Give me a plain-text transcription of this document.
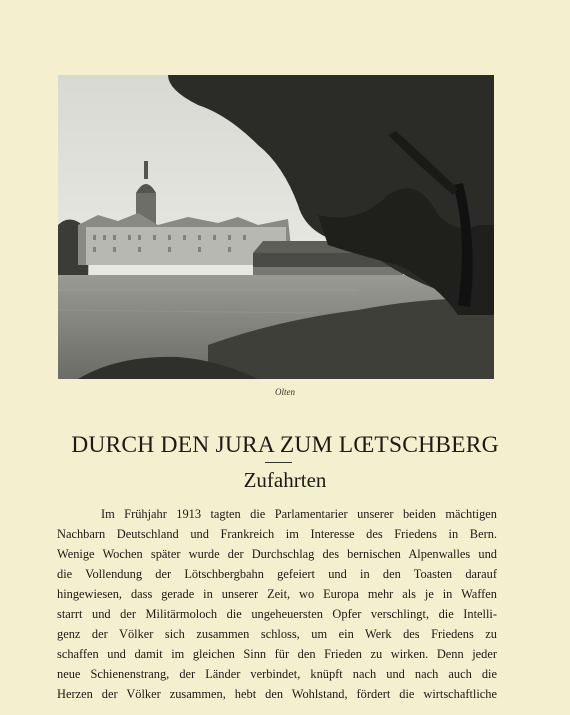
Olten
DURCH DEN JURA ZUM LŒTSCHBERG
Zufahrten

Im Frühjahr 1913 tagten die Parlamentarier unserer beiden mächtigen
Nachbarn Deutschland und Frankreich im Interesse des Friedens in Bern.
Wenige Wochen später wurde der Durchschlag des bernischen Alpenwalles und
die Vollendung der Lötschbergbahn gefeiert und in den Toasten darauf
hingewiesen, dass gerade in unserer Zeit, wo Europa mehr als je in Waffen
starrt und der Militärmoloch die ungeheuersten Opfer verschlingt, die Intelli-
genz der Völker sich zusammen schloss, um ein Werk des Friedens zu
schaffen und damit im gleichen Sinn für den Frieden zu wirken. Denn jeder
neue Schienenstrang, der Länder verbindet, knüpft nach und nach auch die
Herzen der Völker zusammen, hebt den Wohlstand, fördert die wirtschaftliche
